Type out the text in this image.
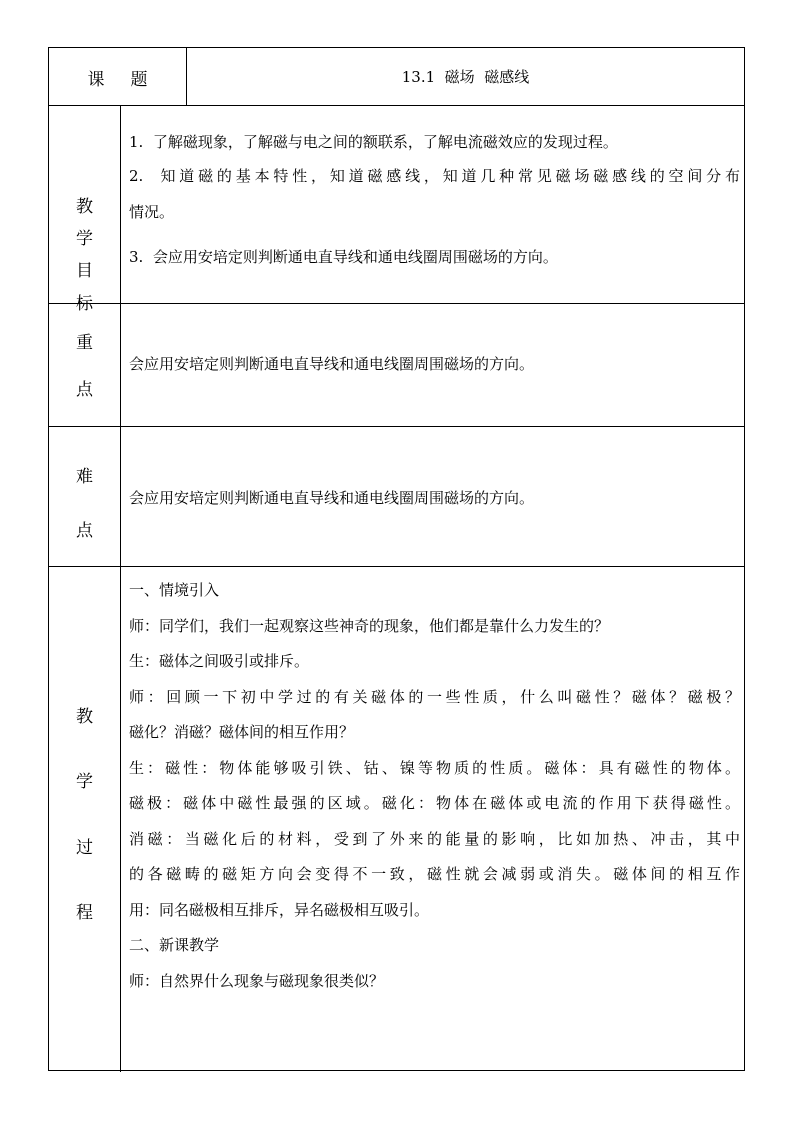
课 题	13.1  磁场  磁感线
教
学
目
标
1.  了解磁现象，了解磁与电之间的额联系，了解电流磁效应的发现过程。
2.  知道磁的基本特性，知道磁感线，知道几种常见磁场磁感线的空间分布
情况。
3.  会应用安培定则判断通电直导线和通电线圈周围磁场的方向。
重
点
会应用安培定则判断通电直导线和通电线圈周围磁场的方向。
难
点
会应用安培定则判断通电直导线和通电线圈周围磁场的方向。
教
学
过
程
一、情境引入
师：同学们，我们一起观察这些神奇的现象，他们都是靠什么力发生的？
生：磁体之间吸引或排斥。
师：回顾一下初中学过的有关磁体的一些性质，什么叫磁性？磁体？磁极？
磁化？消磁？磁体间的相互作用？
生：磁性：物体能够吸引铁、钴、镍等物质的性质。磁体：具有磁性的物体。
磁极：磁体中磁性最强的区域。磁化：物体在磁体或电流的作用下获得磁性。
消磁：当磁化后的材料，受到了外来的能量的影响，比如加热、冲击，其中
的各磁畴的磁矩方向会变得不一致，磁性就会减弱或消失。磁体间的相互作
用：同名磁极相互排斥，异名磁极相互吸引。
二、新课教学
师：自然界什么现象与磁现象很类似？
